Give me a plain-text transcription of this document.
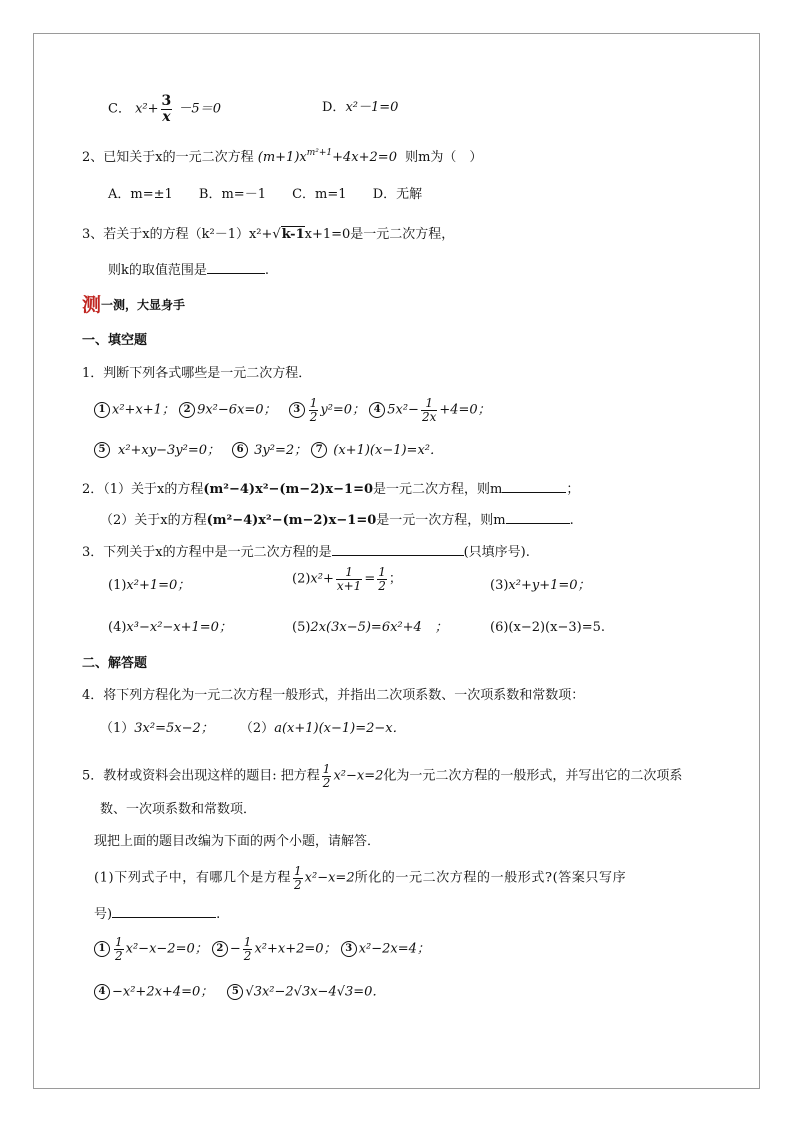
C． $x^2+ \frac{3}{x} -5=0$	D．x²－1=0
2、已知关于x的一元二次方程 $(m+1)x^{m^2+1}+4x+2=0$ 则m为（　）
A．m=±1 B．m=－1 C．m=1 D．无解
3、若关于x的方程（k²－1）x²+√k-1x+1=0是一元二次方程，
则k的取值范围是	.
测一测，大显身手
一、填空题
1．判断下列各式哪些是一元二次方程．
1 x²+x+1； 2 9x²−6x=0； $3 \frac{1}{2} y^2=0$； 4 $5x^2- \frac{1}{2x} +4=0$；
5 x²+xy−3y²=0； 6 3y²=2； 7 (x+1)(x−1)=x²．
2．（1）关于x的方程(m²−4)x²−(m−2)x−1=0是一元二次方程，则m	；
（2）关于x的方程(m²−4)x²−(m−2)x−1=0是一元一次方程，则m	.
3．下列关于x的方程中是一元二次方程的是	(只填序号).
(1)x²+1=0；	$(2)x^2+ \frac{1}{x+1} = \frac{1}{2}$ ；	(3)x²+y+1=0；
(4)x³−x²−x+1=0；	(5)2x(3x−5)=6x²+4　；	(6)(x−2)(x−3)=5.
二、解答题
4．将下列方程化为一元二次方程一般形式，并指出二次项系数、一次项系数和常数项：
（1）3x²=5x−2； （2）a(x+1)(x−1)=2−x．
5．教材或资料会出现这样的题目: 把方程 $\frac{1}{2} x^2-x=2$化为一元二次方程的一般形式，并写出它的二次项系
数、一次项系数和常数项．
现把上面的题目改编为下面的两个小题，请解答．
(1)下列式子中，有哪几个是方程 $\frac{1}{2} x^2-x=2$所化的一元二次方程的一般形式?(答案只写序
号)	.
$1 \frac{1}{2} x^2-x-2=0$； $2 - \frac{1}{2} x^2+x+2=0$； 3 x²−2x=4；
4 −x²+2x+4=0； 5 √3x²−2√3x−4√3=0．
